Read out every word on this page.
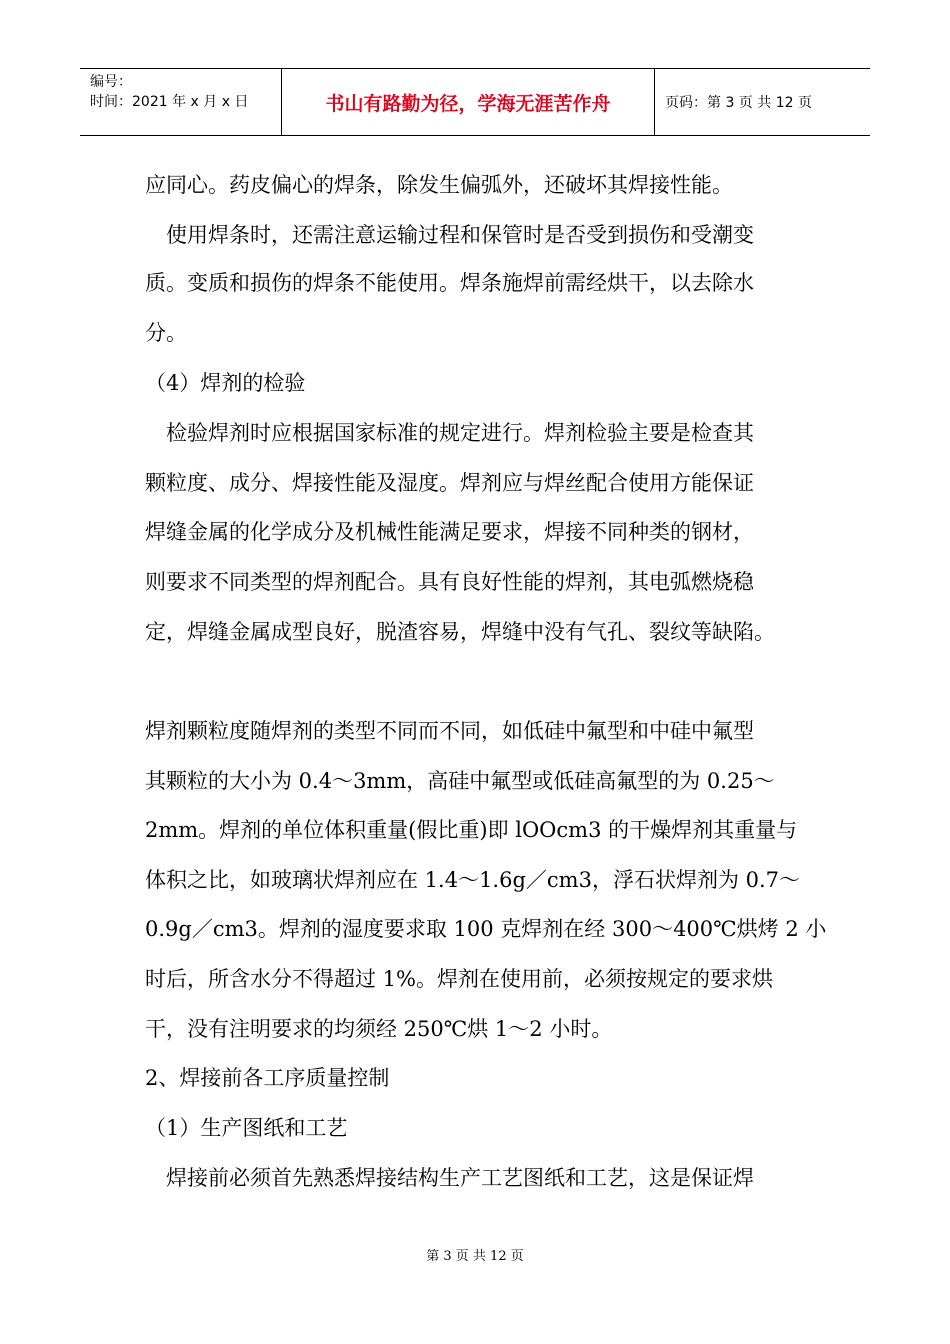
编号：
时间：2021 年 x 月 x 日	书山有路勤为径，学海无涯苦作舟	页码：第 3 页 共 12 页
应同心。药皮偏心的焊条，除发生偏弧外，还破坏其焊接性能。
　使用焊条时，还需注意运输过程和保管时是否受到损伤和受潮变
质。变质和损伤的焊条不能使用。焊条施焊前需经烘干，以去除水
分。
（4）焊剂的检验
　检验焊剂时应根据国家标准的规定进行。焊剂检验主要是检查其
颗粒度、成分、焊接性能及湿度。焊剂应与焊丝配合使用方能保证
焊缝金属的化学成分及机械性能满足要求，焊接不同种类的钢材，
则要求不同类型的焊剂配合。具有良好性能的焊剂，其电弧燃烧稳
定，焊缝金属成型良好，脱渣容易，焊缝中没有气孔、裂纹等缺陷。
焊剂颗粒度随焊剂的类型不同而不同，如低硅中氟型和中硅中氟型
其颗粒的大小为 0.4～3mm，高硅中氟型或低硅高氟型的为 0.25～
2mm。焊剂的单位体积重量(假比重)即 lOOcm3 的干燥焊剂其重量与
体积之比，如玻璃状焊剂应在 1.4～1.6g／cm3，浮石状焊剂为 0.7～
0.9g／cm3。焊剂的湿度要求取 100 克焊剂在经 300～400℃烘烤 2 小
时后，所含水分不得超过 1%。焊剂在使用前，必须按规定的要求烘
干，没有注明要求的均须经 250℃烘 1～2 小时。
2、焊接前各工序质量控制
（1）生产图纸和工艺
　焊接前必须首先熟悉焊接结构生产工艺图纸和工艺，这是保证焊
第 3 页 共 12 页
